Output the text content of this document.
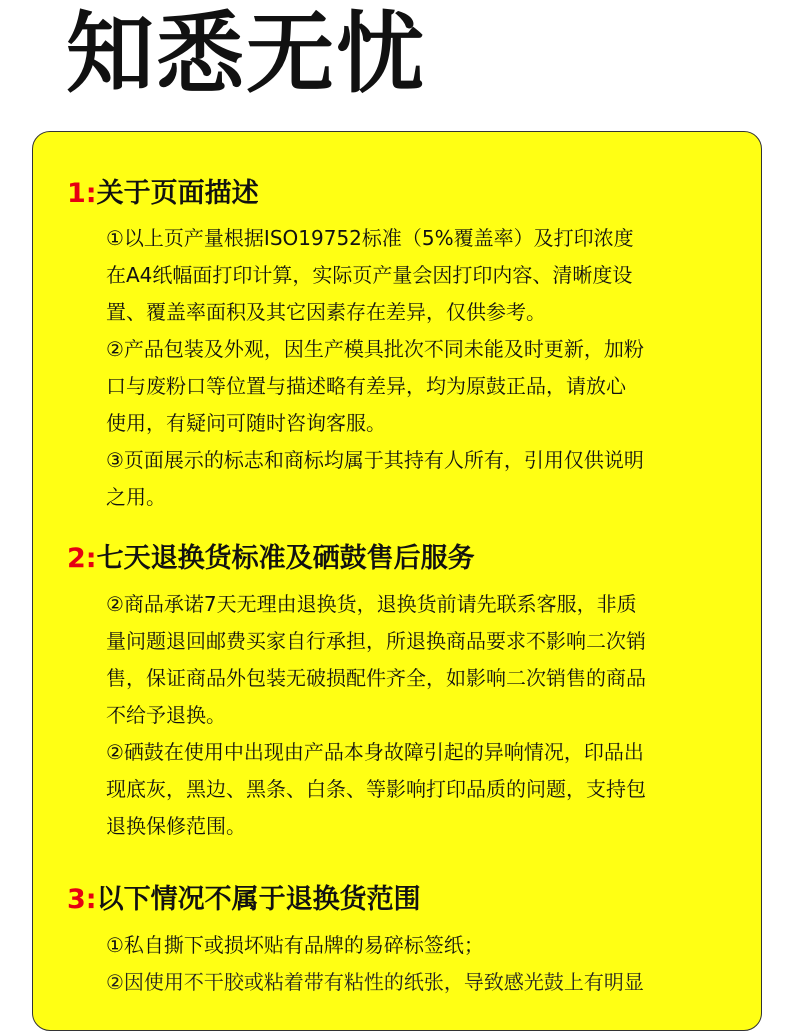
知悉无忧
1:关于页面描述
①以上页产量根据ISO19752标准（5%覆盖率）及打印浓度
在A4纸幅面打印计算，实际页产量会因打印内容、清晰度设
置、覆盖率面积及其它因素存在差异，仅供参考。
②产品包装及外观，因生产模具批次不同未能及时更新，加粉
口与废粉口等位置与描述略有差异，均为原鼓正品，请放心
使用，有疑问可随时咨询客服。
③页面展示的标志和商标均属于其持有人所有，引用仅供说明
之用。
2:七天退换货标准及硒鼓售后服务
②商品承诺7天无理由退换货，退换货前请先联系客服，非质
量问题退回邮费买家自行承担，所退换商品要求不影响二次销
售，保证商品外包装无破损配件齐全，如影响二次销售的商品
不给予退换。
②硒鼓在使用中出现由产品本身故障引起的异响情况，印品出
现底灰，黑边、黑条、白条、等影响打印品质的问题，支持包
退换保修范围。
3:以下情况不属于退换货范围
①私自撕下或损坏贴有品牌的易碎标签纸；
②因使用不干胶或粘着带有粘性的纸张，导致感光鼓上有明显
